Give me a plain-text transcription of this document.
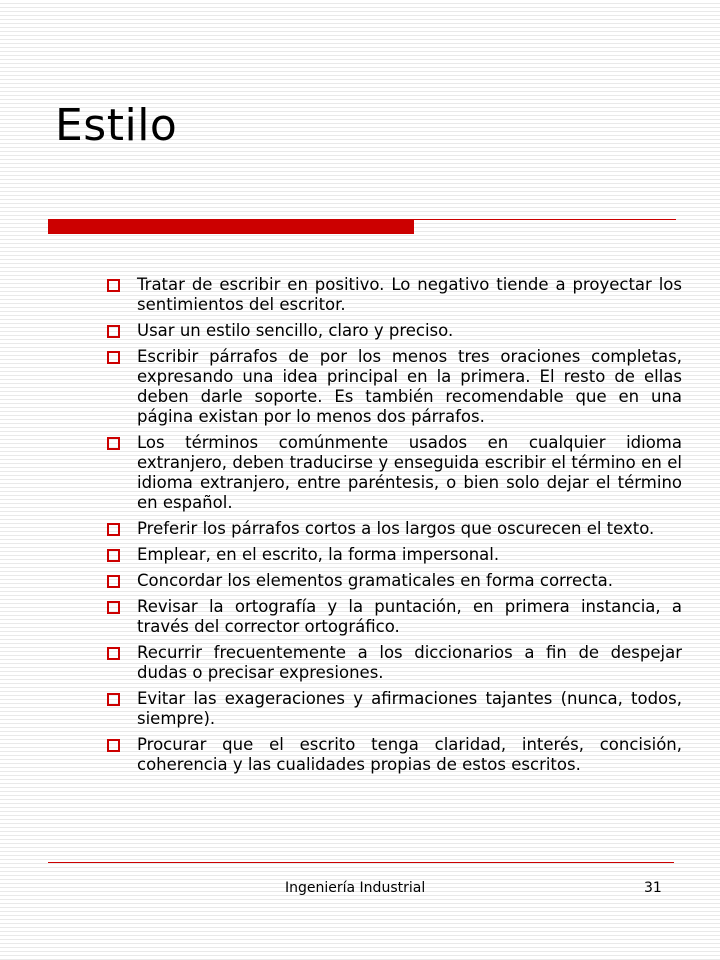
Estilo
Tratar de escribir en positivo. Lo negativo tiende a proyectar los sentimientos del escritor.
Usar un estilo sencillo, claro y preciso.
Escribir párrafos de por los menos tres oraciones completas, expresando una idea principal en la primera. El resto de ellas deben darle soporte. Es también recomendable que en una página existan por lo menos dos párrafos.
Los términos comúnmente usados en cualquier idioma extranjero, deben traducirse y enseguida escribir el término en el idioma extranjero, entre paréntesis, o bien solo dejar el término en español.
Preferir los párrafos cortos a los largos que oscurecen el texto.
Emplear, en el escrito, la forma impersonal.
Concordar los elementos gramaticales en forma correcta.
Revisar la ortografía y la puntación, en primera instancia, a través del corrector ortográfico.
Recurrir frecuentemente a los diccionarios a fin de despejar dudas o precisar expresiones.
Evitar las exageraciones y afirmaciones tajantes (nunca, todos, siempre).
Procurar que el escrito tenga claridad, interés, concisión, coherencia y las cualidades propias de estos escritos.
Ingeniería Industrial	31
